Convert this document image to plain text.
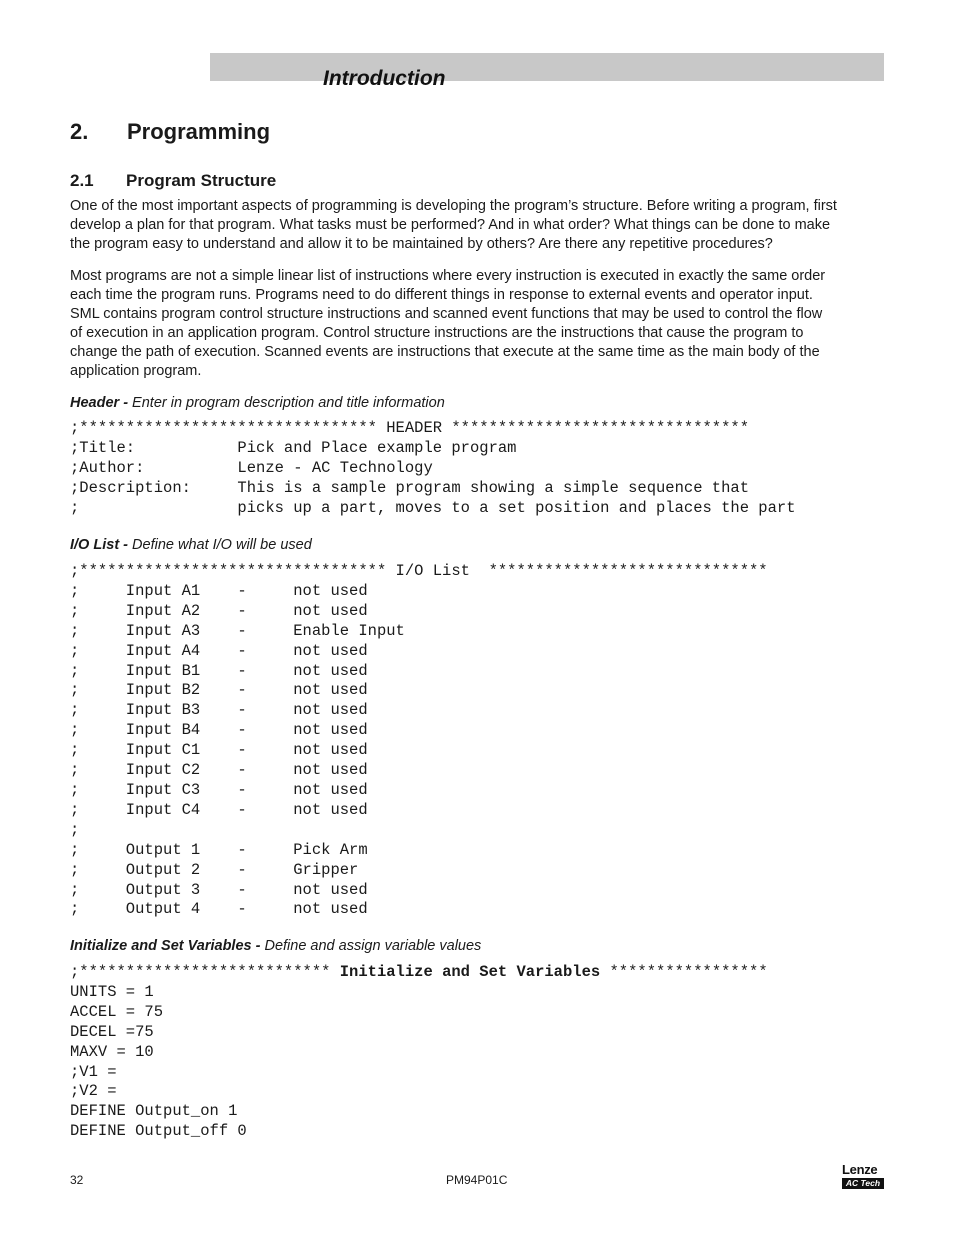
Introduction
2. Programming
2.1 Program Structure
One of the most important aspects of programming is developing the program’s structure. Before writing a program, first
develop a plan for that program. What tasks must be performed? And in what order? What things can be done to make
the program easy to understand and allow it to be maintained by others? Are there any repetitive procedures?
Most programs are not a simple linear list of instructions where every instruction is executed in exactly the same order
each time the program runs. Programs need to do different things in response to external events and operator input.
SML contains program control structure instructions and scanned event functions that may be used to control the flow
of execution in an application program. Control structure instructions are the instructions that cause the program to
change the path of execution. Scanned events are instructions that execute at the same time as the main body of the
application program.
Header - Enter in program description and title information
;******************************** HEADER ********************************
;Title:           Pick and Place example program
;Author:          Lenze - AC Technology
;Description:     This is a sample program showing a simple sequence that
;                 picks up a part, moves to a set position and places the part
I/O List - Define what I/O will be used
;********************************* I/O List  ******************************
;     Input A1    -     not used
;     Input A2    -     not used
;     Input A3    -     Enable Input
;     Input A4    -     not used
;     Input B1    -     not used
;     Input B2    -     not used
;     Input B3    -     not used
;     Input B4    -     not used
;     Input C1    -     not used
;     Input C2    -     not used
;     Input C3    -     not used
;     Input C4    -     not used
;
;     Output 1    -     Pick Arm
;     Output 2    -     Gripper
;     Output 3    -     not used
;     Output 4    -     not used
Initialize and Set Variables - Define and assign variable values
;*************************** Initialize and Set Variables *****************
UNITS = 1
ACCEL = 75
DECEL =75
MAXV = 10
;V1 =
;V2 =
DEFINE Output_on 1
DEFINE Output_off 0
32	PM94P01C
Lenze
AC Tech
